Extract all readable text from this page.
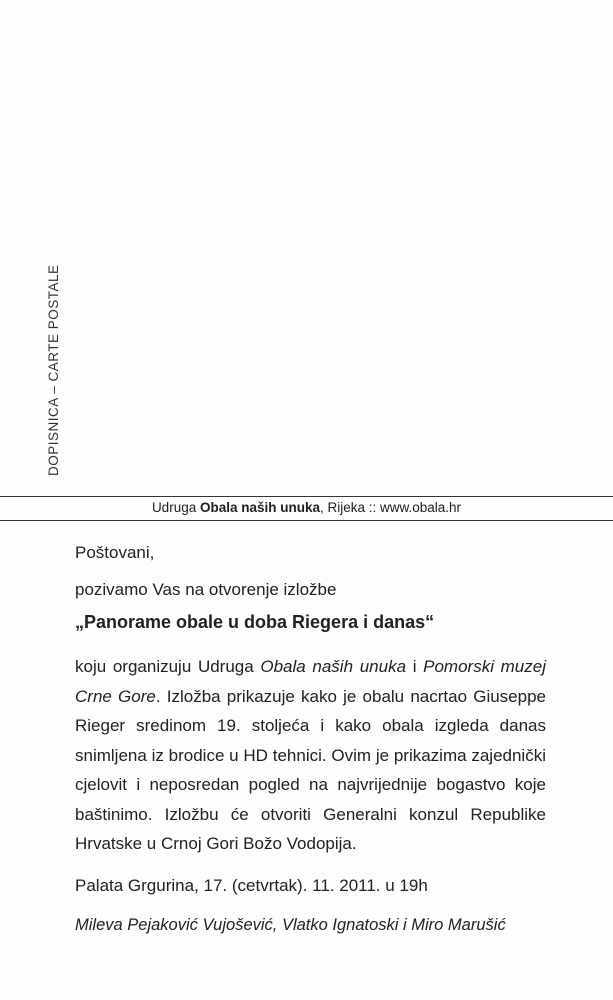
DOPISNICA – CARTE POSTALE
Udruga Obala naših unuka, Rijeka :: www.obala.hr
Poštovani,
pozivamo Vas na otvorenje izložbe
„Panorame obale u doba Riegera i danas“
koju organizuju Udruga Obala naših unuka i Pomorski muzej Crne Gore. Izložba prikazuje kako je obalu nacrtao Giuseppe Rieger sredinom 19. stoljeća i kako obala izgleda danas snimljena iz brodice u HD tehnici. Ovim je prikazima zajednički cjelovit i neposredan pogled na najvrijednije bogastvo koje baštinimo. Izložbu će otvoriti Generalni konzul Republike Hrvatske u Crnoj Gori Božo Vodopija.
Palata Grgurina, 17. (cetvrtak). 11. 2011. u 19h
Mileva Pejaković Vujošević, Vlatko Ignatoski i Miro Marušić
